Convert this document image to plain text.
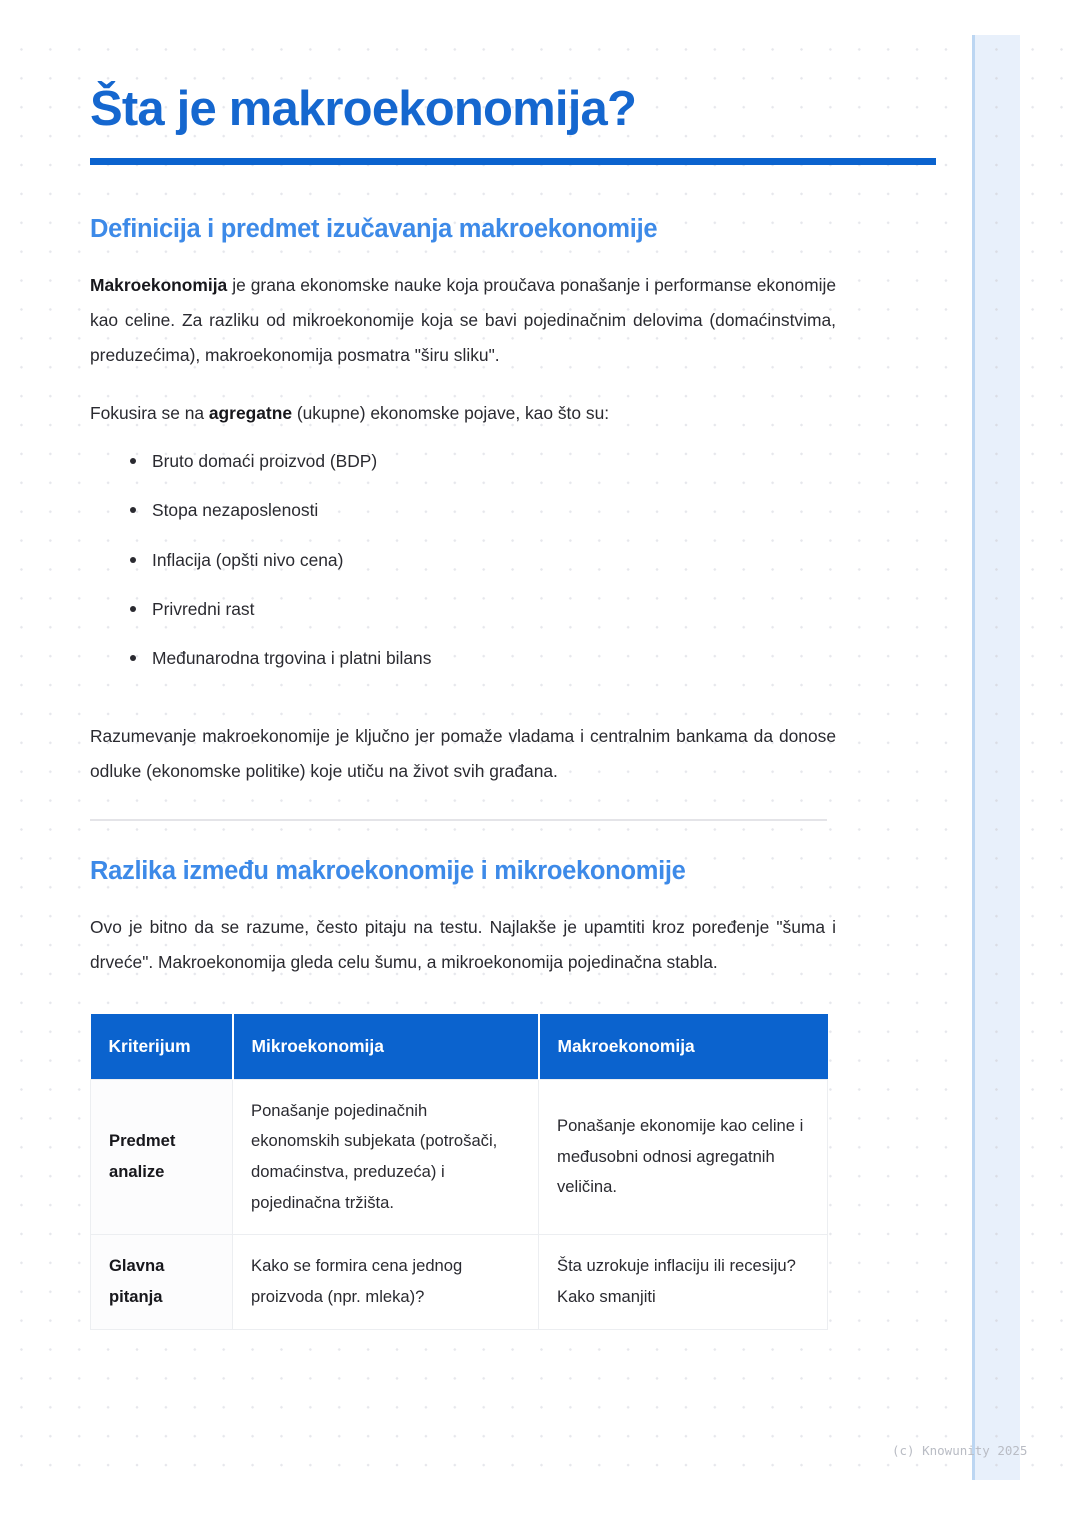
Šta je makroekonomija?
Definicija i predmet izučavanja makroekonomije

Makroekonomija je grana ekonomske nauke koja proučava ponašanje i performanse ekonomije kao celine. Za razliku od mikroekonomije koja se bavi pojedinačnim delovima (domaćinstvima, preduzećima), makroekonomija posmatra "širu sliku".

Fokusira se na agregatne (ukupne) ekonomske pojave, kao što su:

Bruto domaći proizvod (BDP)
Stopa nezaposlenosti
Inflacija (opšti nivo cena)
Privredni rast
Međunarodna trgovina i platni bilans

Razumevanje makroekonomije je ključno jer pomaže vladama i centralnim bankama da donose odluke (ekonomske politike) koje utiču na život svih građana.

Razlika između makroekonomije i mikroekonomije

Ovo je bitno da se razume, često pitaju na testu. Najlakše je upamtiti kroz poređenje "šuma i drveće". Makroekonomija gleda celu šumu, a mikroekonomija pojedinačna stabla.

Kriterijum	Mikroekonomija	Makroekonomija
Predmet analize	Ponašanje pojedinačnih ekonomskih subjekata (potrošači, domaćinstva, preduzeća) i pojedinačna tržišta.	Ponašanje ekonomije kao celine i međusobni odnosi agregatnih veličina.
Glavna pitanja	Kako se formira cena jednog proizvoda (npr. mleka)?	Šta uzrokuje inflaciju ili recesiju? Kako smanjiti
(c) Knowunity 2025
